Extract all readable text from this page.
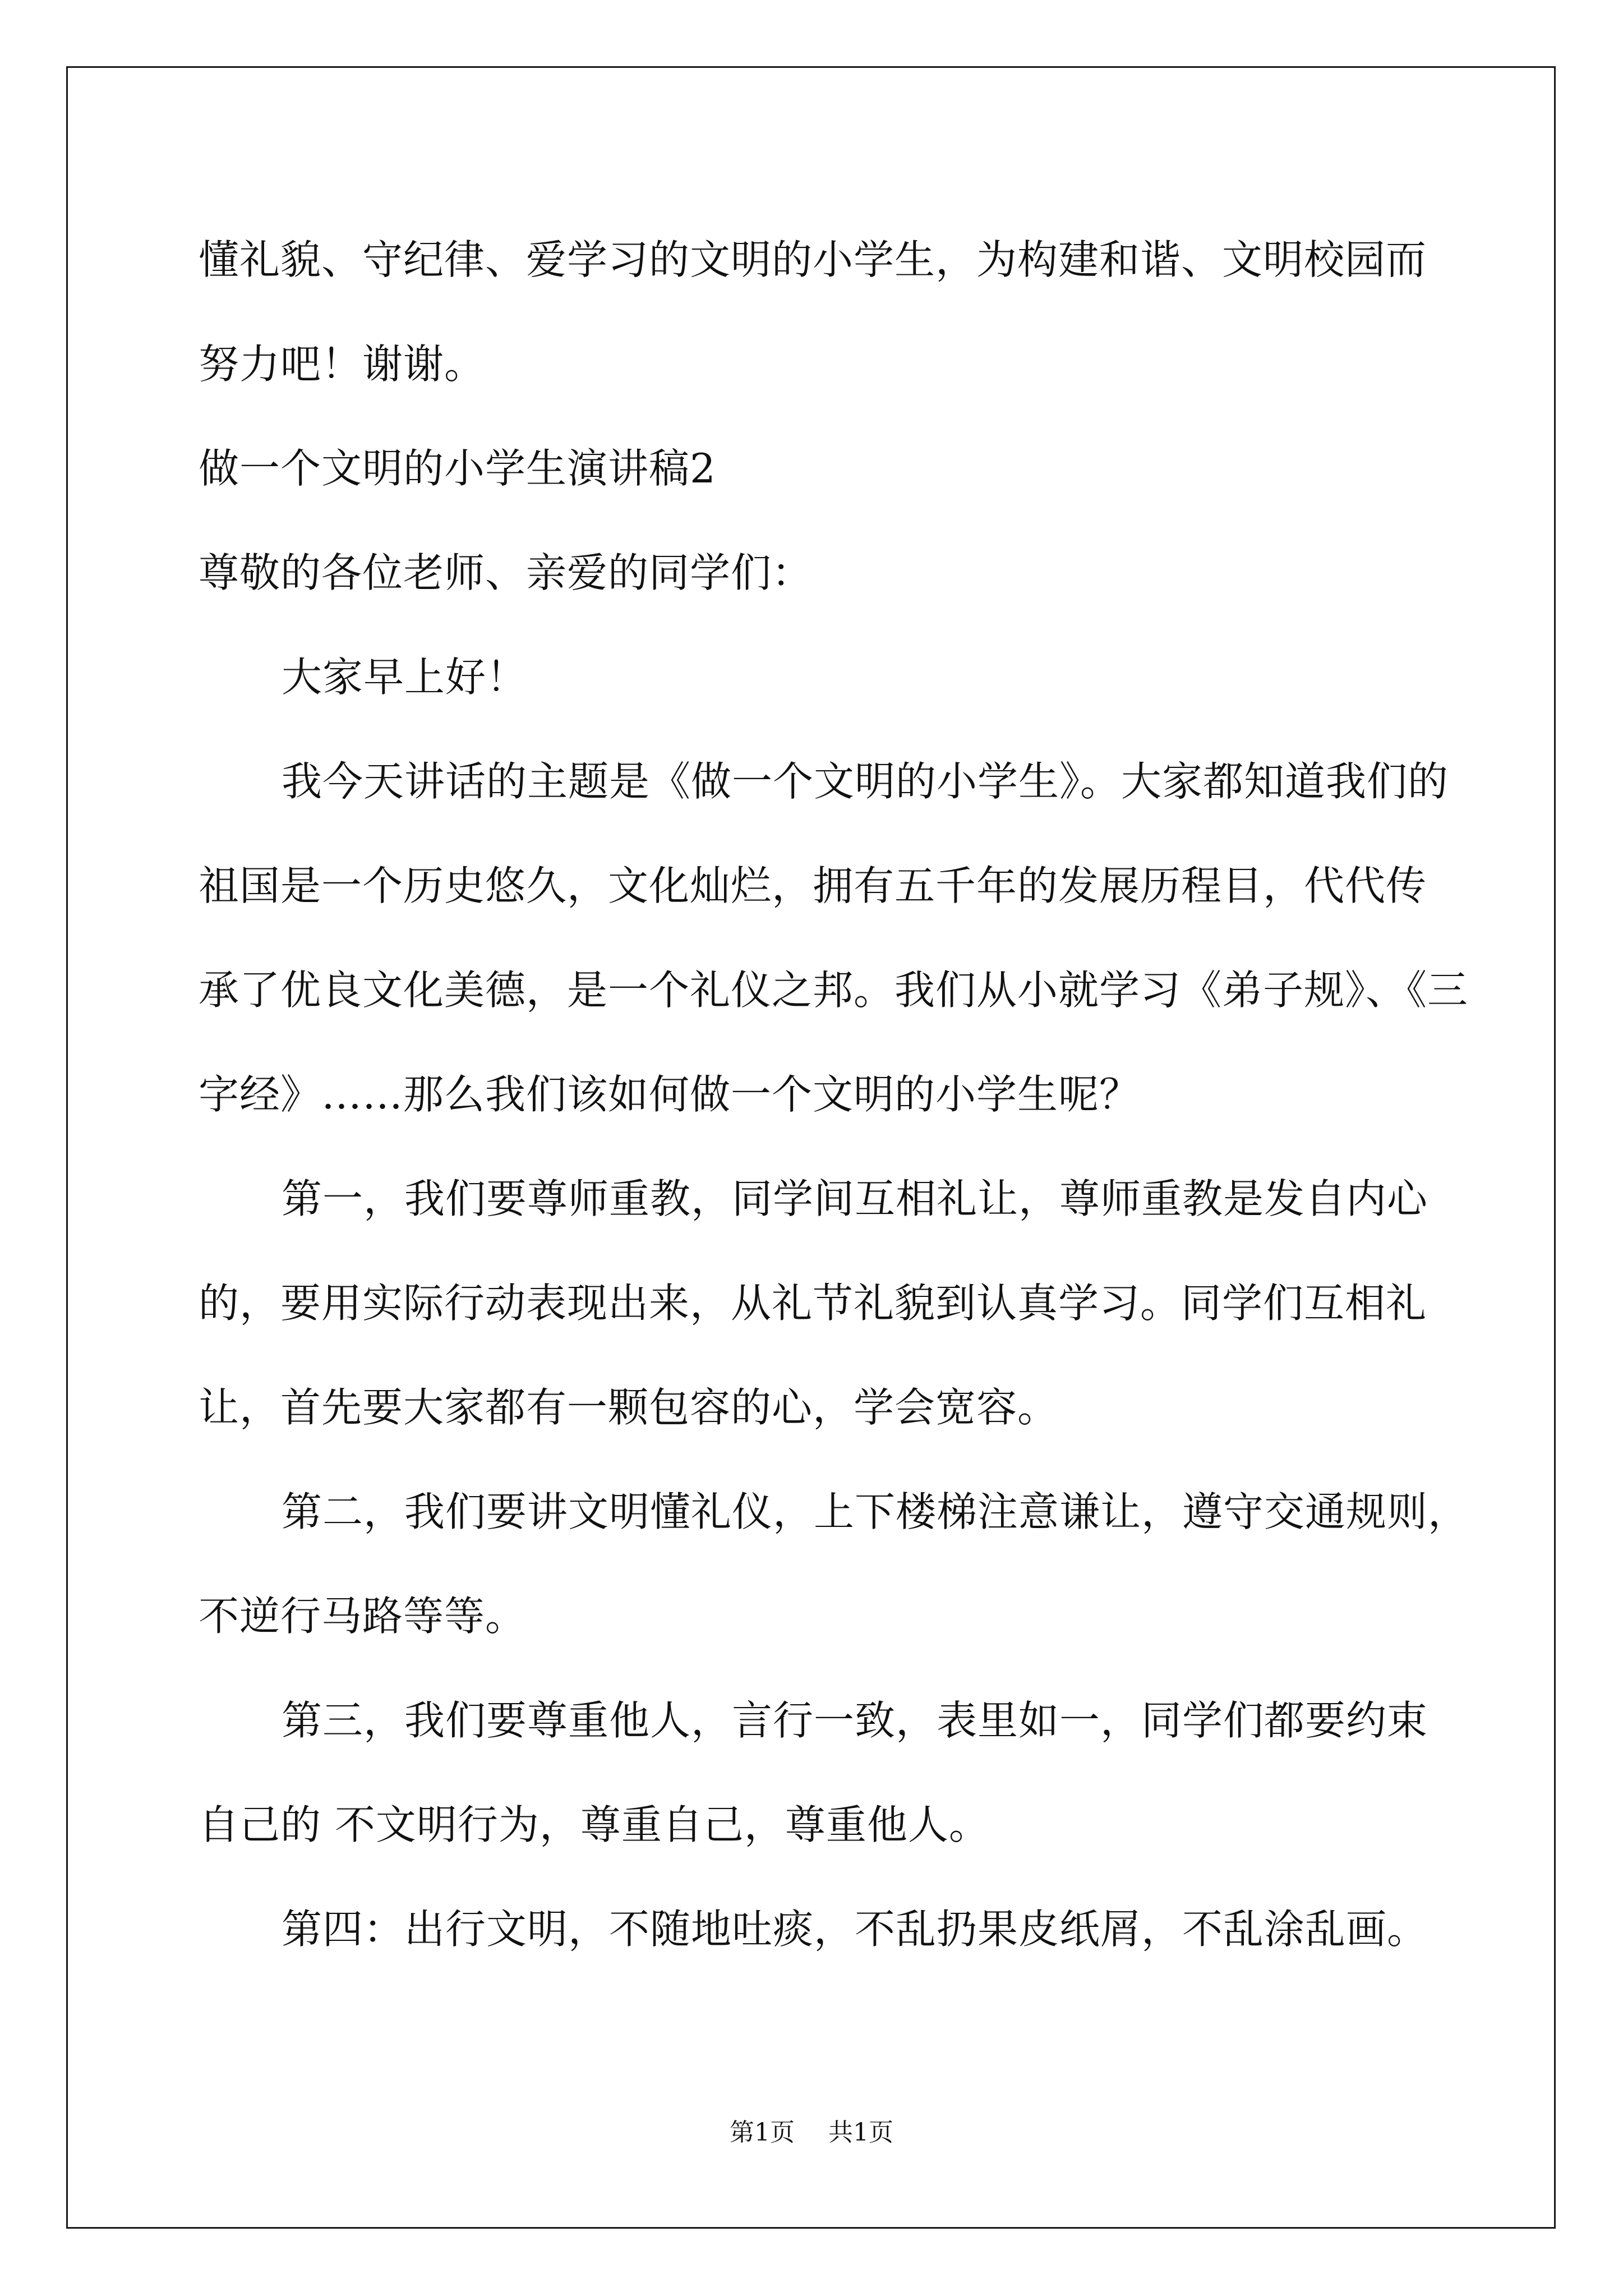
懂礼貌、守纪律、爱学习的文明的小学生，为构建和谐、文明校园而
努力吧！谢谢。
做一个文明的小学生演讲稿2
尊敬的各位老师、亲爱的同学们：
大家早上好！
我今天讲话的主题是《做一个文明的小学生》。大家都知道我们的
祖国是一个历史悠久，文化灿烂，拥有五千年的发展历程目，代代传
承了优良文化美德，是一个礼仪之邦。我们从小就学习《弟子规》、《三
字经》……那么我们该如何做一个文明的小学生呢？
第一，我们要尊师重教，同学间互相礼让，尊师重教是发自内心
的，要用实际行动表现出来，从礼节礼貌到认真学习。同学们互相礼
让，首先要大家都有一颗包容的心，学会宽容。
第二，我们要讲文明懂礼仪，上下楼梯注意谦让，遵守交通规则，
不逆行马路等等。
第三，我们要尊重他人，言行一致，表里如一，同学们都要约束
自己的 不文明行为，尊重自己，尊重他人。
第四：出行文明，不随地吐痰，不乱扔果皮纸屑，不乱涂乱画。
第1页 共1页
